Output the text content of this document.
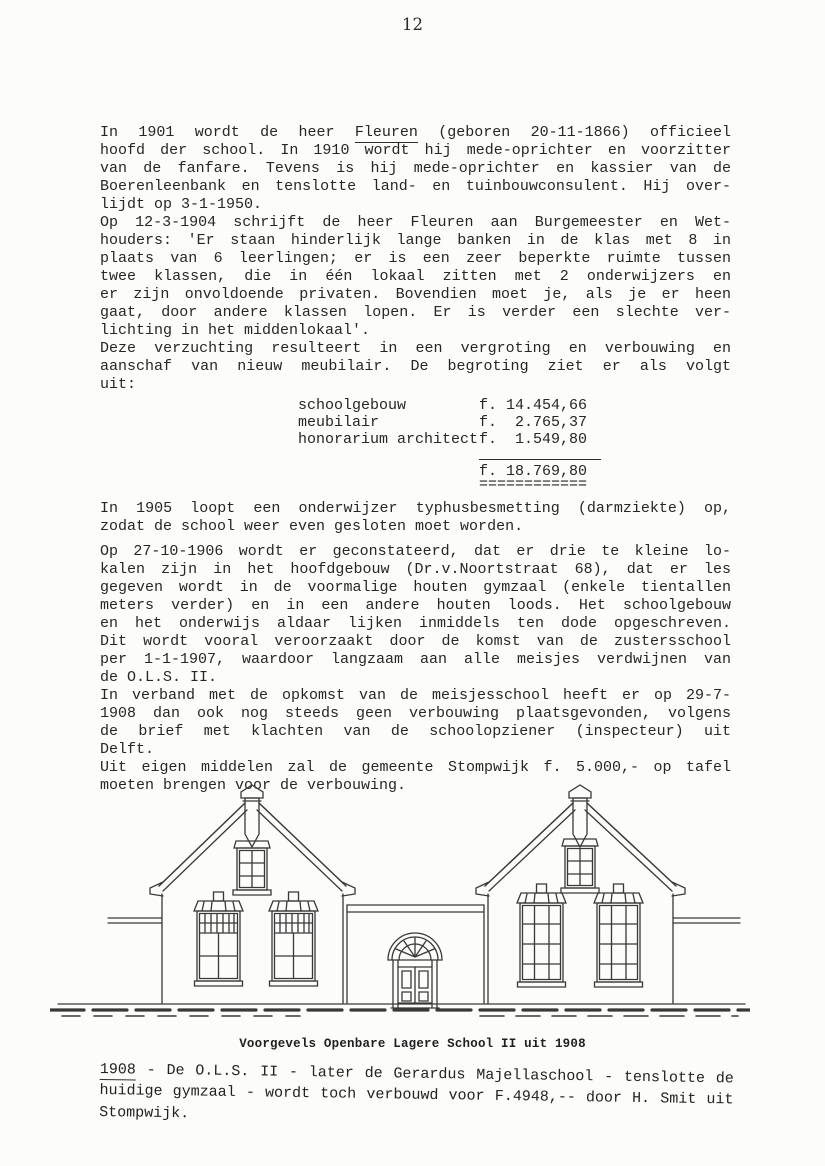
12
In 1901 wordt de heer Fleuren (geboren 20-11-1866) officieel
hoofd der school. In 1910 wordt hij mede-oprichter en voorzitter
van de fanfare. Tevens is hij mede-oprichter en kassier van de
Boerenleenbank en tenslotte land- en tuinbouwconsulent. Hij over-
lijdt op 3-1-1950.
Op 12-3-1904 schrijft de heer Fleuren aan Burgemeester en Wet-
houders: 'Er staan hinderlijk lange banken in de klas met 8 in
plaats van 6 leerlingen; er is een zeer beperkte ruimte tussen
twee klassen, die in één lokaal zitten met 2 onderwijzers en
er zijn onvoldoende privaten. Bovendien moet je, als je er heen
gaat, door andere klassen lopen. Er is verder een slechte ver-
lichting in het middenlokaal'.
Deze verzuchting resulteert in een vergroting en verbouwing en
aanschaf van nieuw meubilair. De begroting ziet er als volgt
uit:
schoolgebouw	f. 14.454,66
meubilair	f.  2.765,37
honorarium architect f.  1.549,80
f. 18.769,80
============
In 1905 loopt een onderwijzer typhusbesmetting (darmziekte) op,
zodat de school weer even gesloten moet worden.
Op 27-10-1906 wordt er geconstateerd, dat er drie te kleine lo-
kalen zijn in het hoofdgebouw (Dr.v.Noortstraat 68), dat er les
gegeven wordt in de voormalige houten gymzaal (enkele tientallen
meters verder) en in een andere houten loods. Het schoolgebouw
en het onderwijs aldaar lijken inmiddels ten dode opgeschreven.
Dit wordt vooral veroorzaakt door de komst van de zustersschool
per 1-1-1907, waardoor langzaam aan alle meisjes verdwijnen van
de O.L.S. II.
In verband met de opkomst van de meisjesschool heeft er op 29-7-
1908 dan ook nog steeds geen verbouwing plaatsgevonden, volgens
de brief met klachten van de schoolopziener (inspecteur) uit
Delft.
Uit eigen middelen zal de gemeente Stompwijk f. 5.000,- op tafel
moeten brengen voor de verbouwing.
Voorgevels Openbare Lagere School II uit 1908
1908 - De O.L.S. II - later de Gerardus Majellaschool - tenslotte de
huidige gymzaal - wordt toch verbouwd voor F.4948,-- door H. Smit uit
Stompwijk.
